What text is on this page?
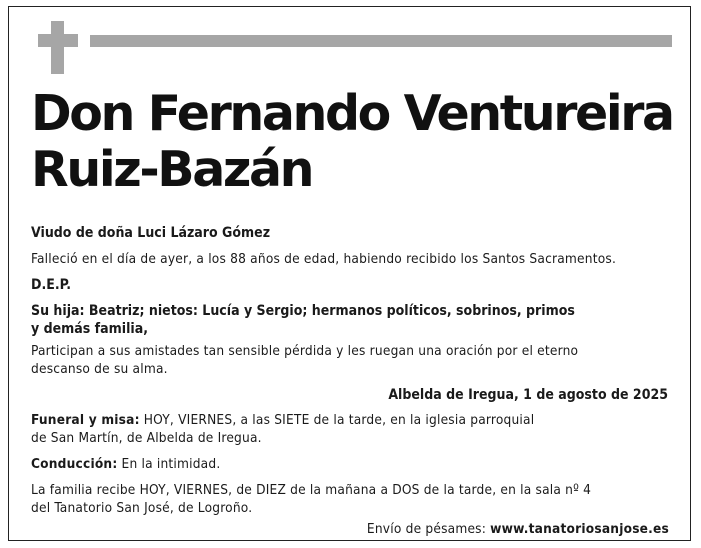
Don Fernando Ventureira
Ruiz-Bazán
Viudo de doña Luci Lázaro Gómez
Falleció en el día de ayer, a los 88 años de edad, habiendo recibido los Santos Sacramentos.
D.E.P.
Su hija: Beatriz; nietos: Lucía y Sergio; hermanos políticos, sobrinos, primos
y demás familia,
Participan a sus amistades tan sensible pérdida y les ruegan una oración por el eterno
descanso de su alma.
Albelda de Iregua, 1 de agosto de 2025
Funeral y misa: HOY, VIERNES, a las SIETE de la tarde, en la iglesia parroquial
de San Martín, de Albelda de Iregua.
Conducción: En la intimidad.
La familia recibe HOY, VIERNES, de DIEZ de la mañana a DOS de la tarde, en la sala nº 4
del Tanatorio San José, de Logroño.
Envío de pésames: www.tanatoriosanjose.es
